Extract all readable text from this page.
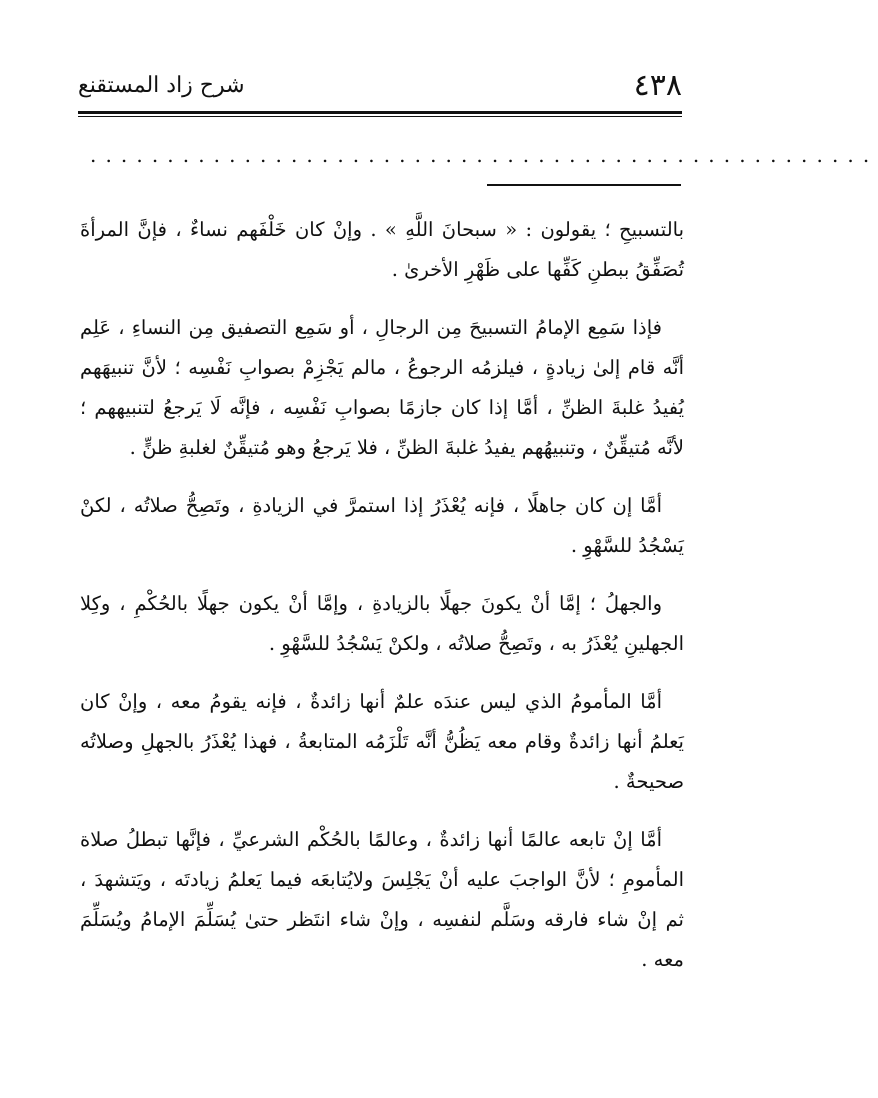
٤٣٨
شرح زاد المستقنع
...................................................

بالتسبيحِ ؛ يقولون : « سبحانَ اللَّهِ » . وإنْ كان خَلْفَهم نساءٌ ، فإنَّ المرأةَ تُصَفِّقُ ببطنِ كَفِّها على ظَهْرِ الأخرىٰ .

فإذا سَمِع الإمامُ التسبيحَ مِن الرجالِ ، أو سَمِع التصفيق مِن النساءِ ، عَلِم أنَّه قام إلىٰ زيادةٍ ، فيلزمُه الرجوعُ ، مالم يَجْزِمْ بصوابِ نَفْسِه ؛ لأنَّ تنبيهَهم يُفيدُ غلبةَ الظنِّ ، أمَّا إذا كان جازمًا بصوابِ نَفْسِه ، فإنَّه لَا يَرجعُ لتنبيههم ؛ لأنَّه مُتيقِّنٌ ، وتنبيهُهم يفيدُ غلبةَ الظنِّ ، فلا يَرجعُ وهو مُتيقِّنٌ لغلبةِ ظنٍّ .

أمَّا إن كان جاهلًا ، فإنه يُعْذَرُ إذا استمرَّ في الزيادةِ ، وتَصِحُّ صلاتُه ، لكنْ يَسْجُدُ للسَّهْوِ .

والجهلُ ؛ إمَّا أنْ يكونَ جهلًا بالزيادةِ ، وإمَّا أنْ يكون جهلًا بالحُكْمِ ، وكِلا الجهلينِ يُعْذَرُ به ، وتَصِحُّ صلاتُه ، ولكنْ يَسْجُدُ للسَّهْوِ .

أمَّا المأمومُ الذي ليس عندَه علمٌ أنها زائدةٌ ، فإنه يقومُ معه ، وإنْ كان يَعلمُ أنها زائدةٌ وقام معه يَظُنُّ أنَّه تَلْزَمُه المتابعةُ ، فهذا يُعْذَرُ بالجهلِ وصلاتُه صحيحةٌ .

أمَّا إنْ تابعه عالمًا أنها زائدةٌ ، وعالمًا بالحُكْم الشرعيِّ ، فإنَّها تبطلُ صلاة المأمومِ ؛ لأنَّ الواجبَ عليه أنْ يَجْلِسَ ولايُتابعَه فيما يَعلمُ زيادتَه ، ويَتشهدَ ، ثم إنْ شاء فارقه وسَلَّم لنفسِه ، وإنْ شاء انتَظر حتىٰ يُسَلِّمَ الإمامُ ويُسَلِّمَ معه .
